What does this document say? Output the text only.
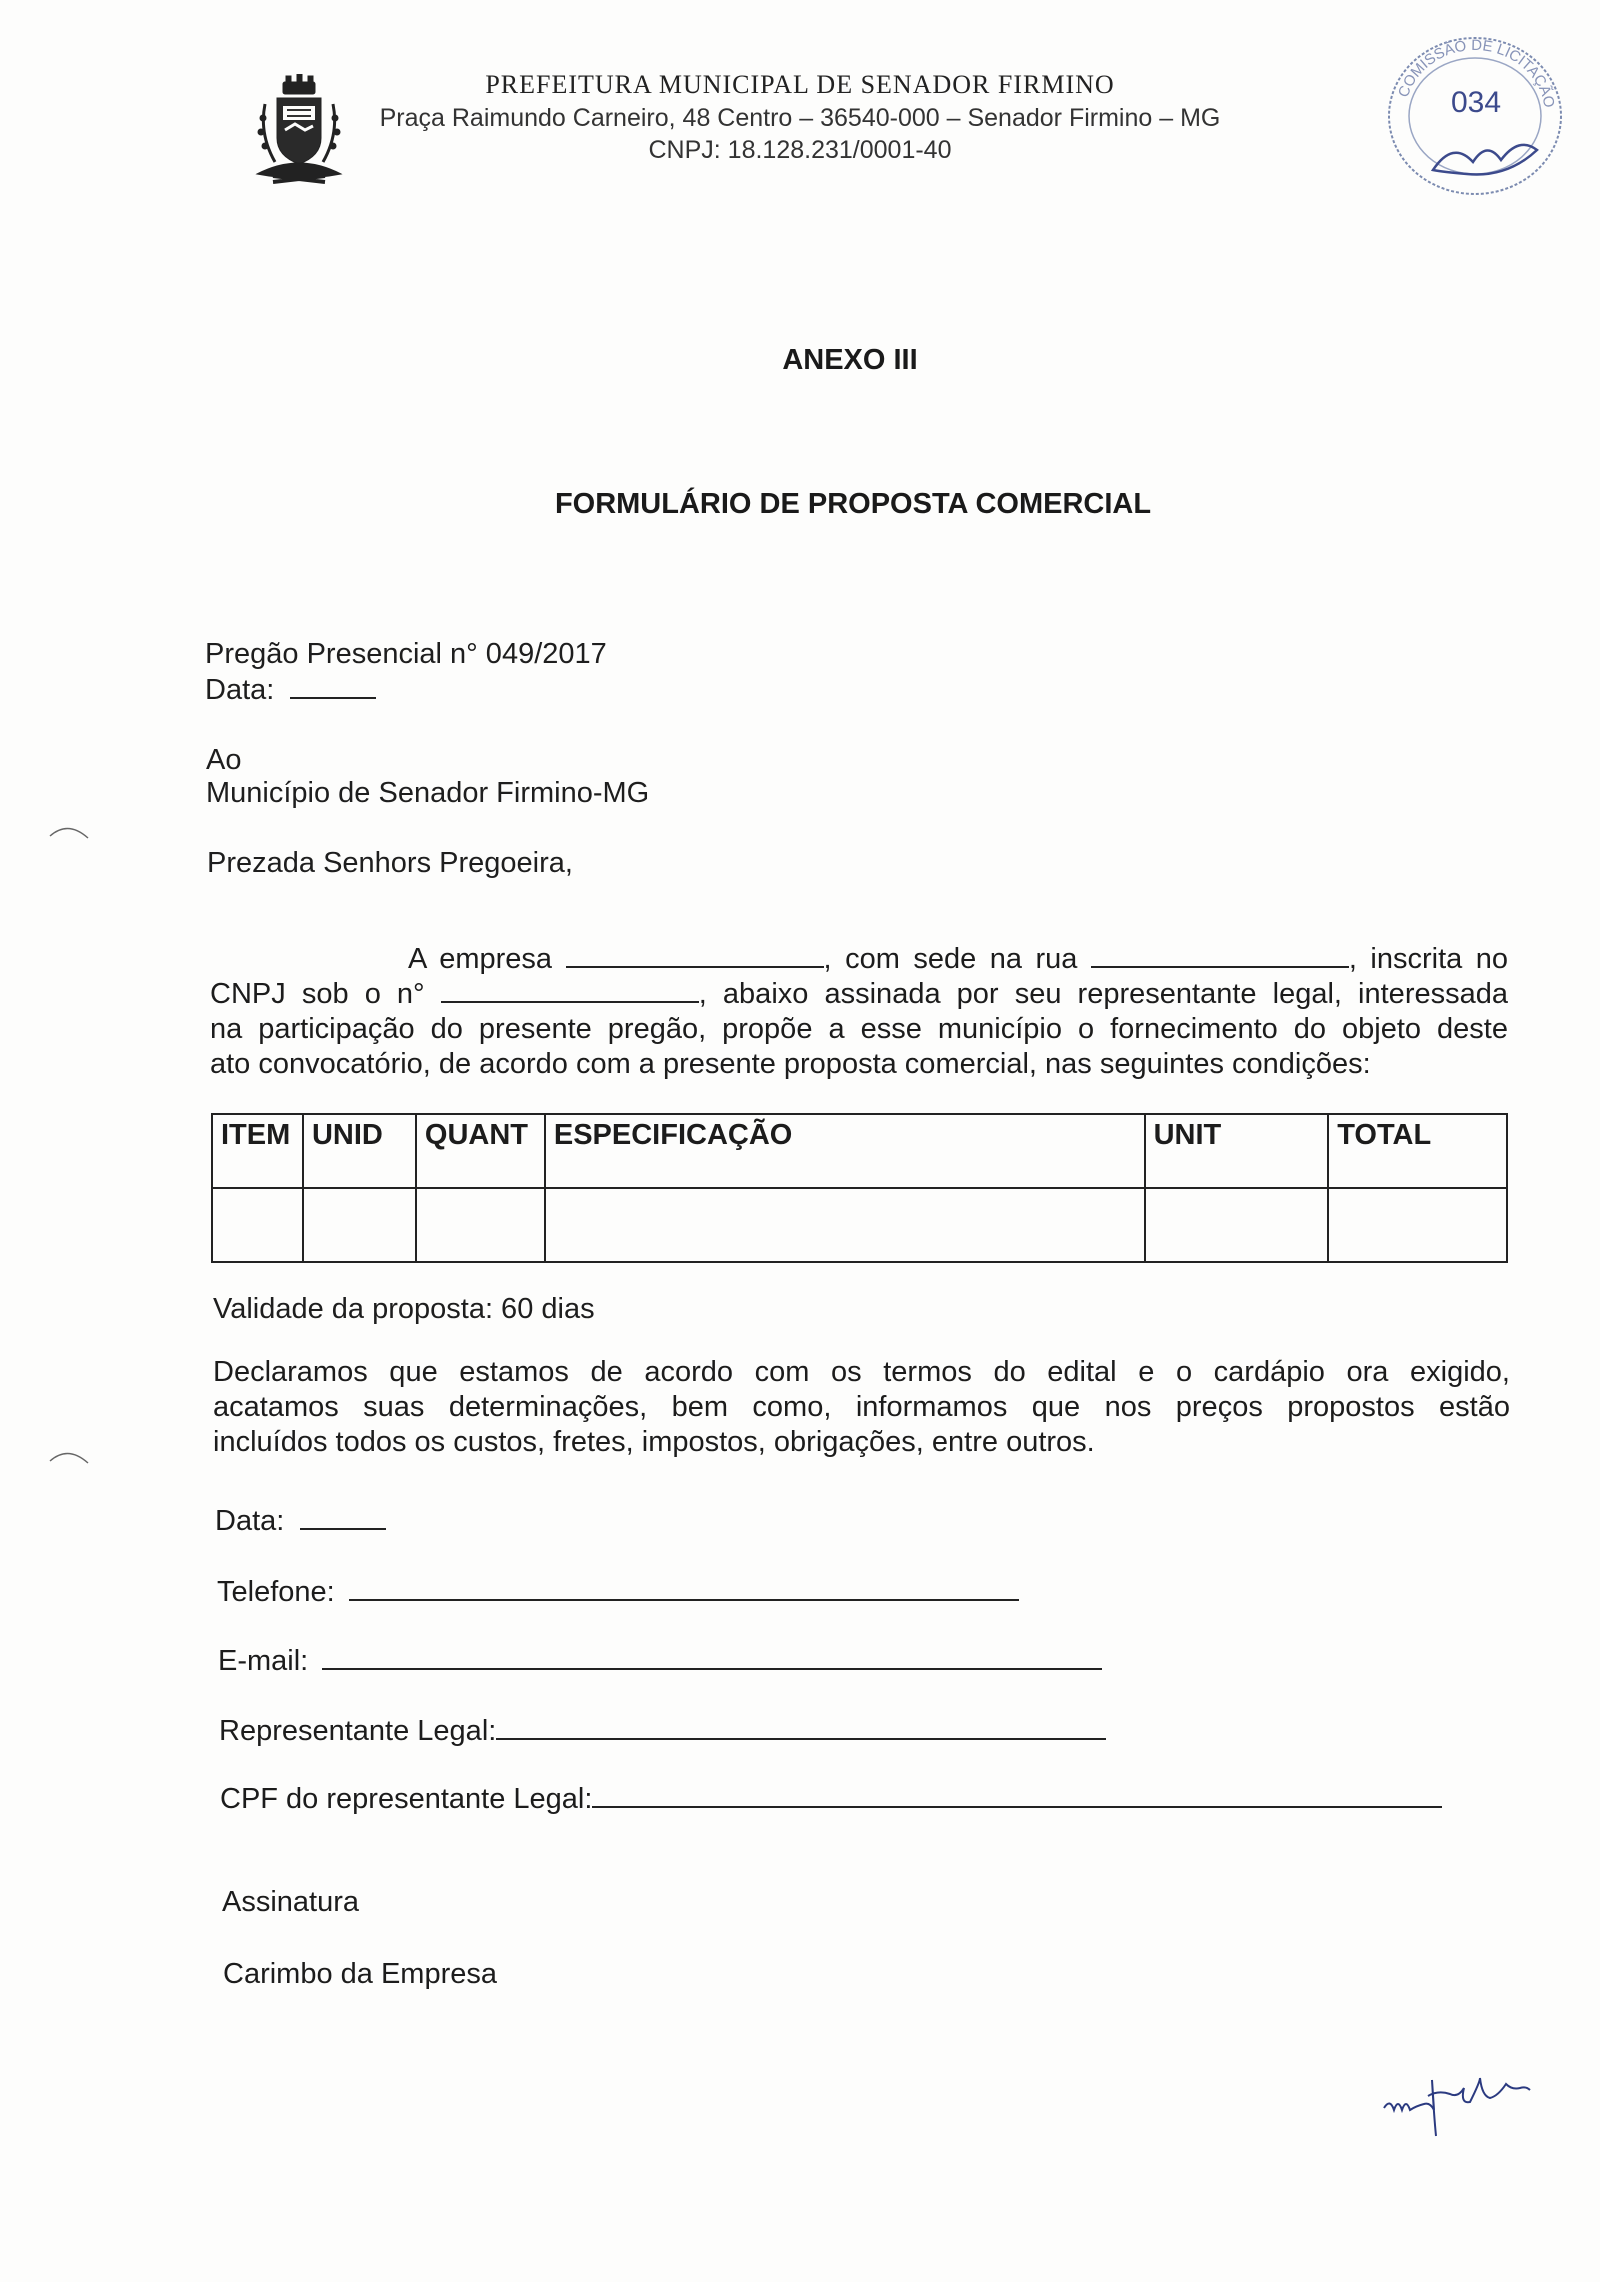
PREFEITURA MUNICIPAL DE SENADOR FIRMINO
Praça Raimundo Carneiro, 48 Centro – 36540-000 – Senador Firmino – MG
CNPJ: 18.128.231/0001-40
COMISSÃO DE LICITAÇÃO
034
ANEXO III
FORMULÁRIO DE PROPOSTA COMERCIAL
Pregão Presencial n° 049/2017
Data:
Ao
Município de Senador Firmino-MG
Prezada Senhors Pregoeira,
A empresa	, com sede na rua	, inscrita no
CNPJ sob o n°	, abaixo assinada por seu representante legal, interessada
na participação do presente pregão, propõe a esse município o fornecimento do objeto deste
ato convocatório, de acordo com a presente proposta comercial, nas seguintes condições:
ITEM	UNID	QUANT	ESPECIFICAÇÃO	UNIT	TOTAL

Validade da proposta: 60 dias
Declaramos que estamos de acordo com os termos do edital e o cardápio ora exigido,
acatamos suas determinações, bem como, informamos que nos preços propostos estão
incluídos todos os custos, fretes, impostos, obrigações, entre outros.
Data:
Telefone:
E-mail:
Representante Legal:
CPF do representante Legal:
Assinatura
Carimbo da Empresa
